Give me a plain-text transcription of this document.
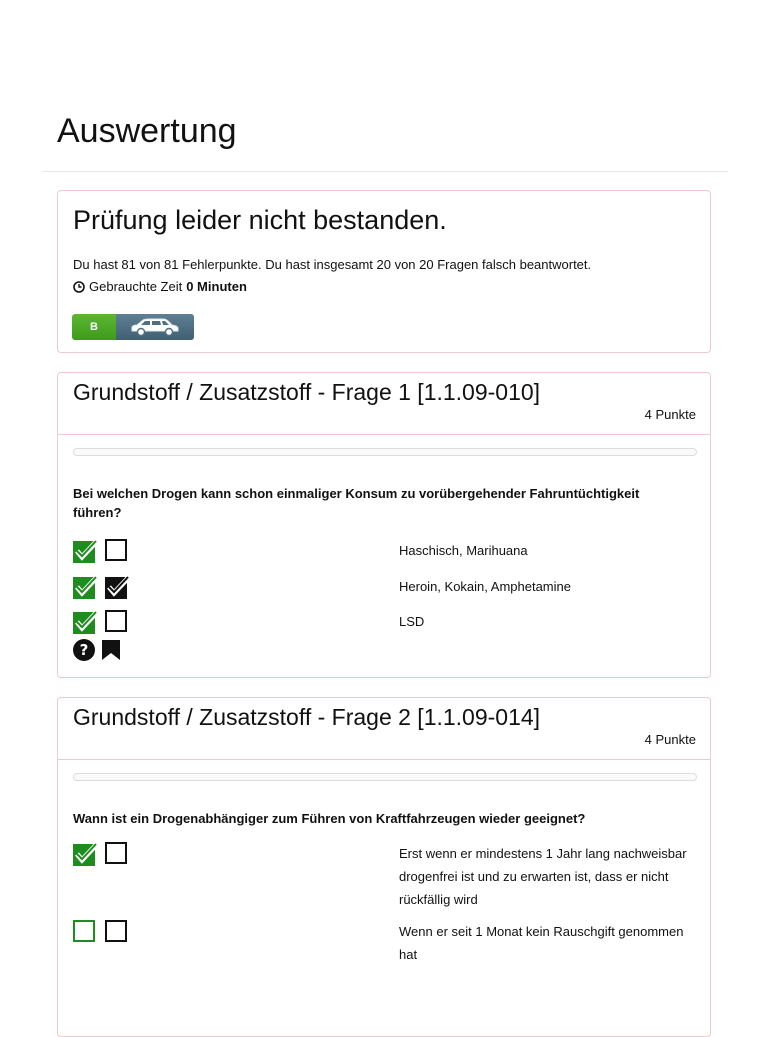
Auswertung
Prüfung leider nicht bestanden.
Du hast 81 von 81 Fehlerpunkte. Du hast insgesamt 20 von 20 Fragen falsch beantwortet.
Gebrauchte Zeit 0 Minuten
B
Grundstoff / Zusatzstoff - Frage 1 [1.1.09-010]
4 Punkte
Bei welchen Drogen kann schon einmaliger Konsum zu vorübergehender Fahruntüchtigkeit führen?
Haschisch, Marihuana
Heroin, Kokain, Amphetamine
LSD
?
Grundstoff / Zusatzstoff - Frage 2 [1.1.09-014]
4 Punkte
Wann ist ein Drogenabhängiger zum Führen von Kraftfahrzeugen wieder geeignet?
Erst wenn er mindestens 1 Jahr lang nachweisbar drogenfrei ist und zu erwarten ist, dass er nicht rückfällig wird
Wenn er seit 1 Monat kein Rauschgift genommen hat
